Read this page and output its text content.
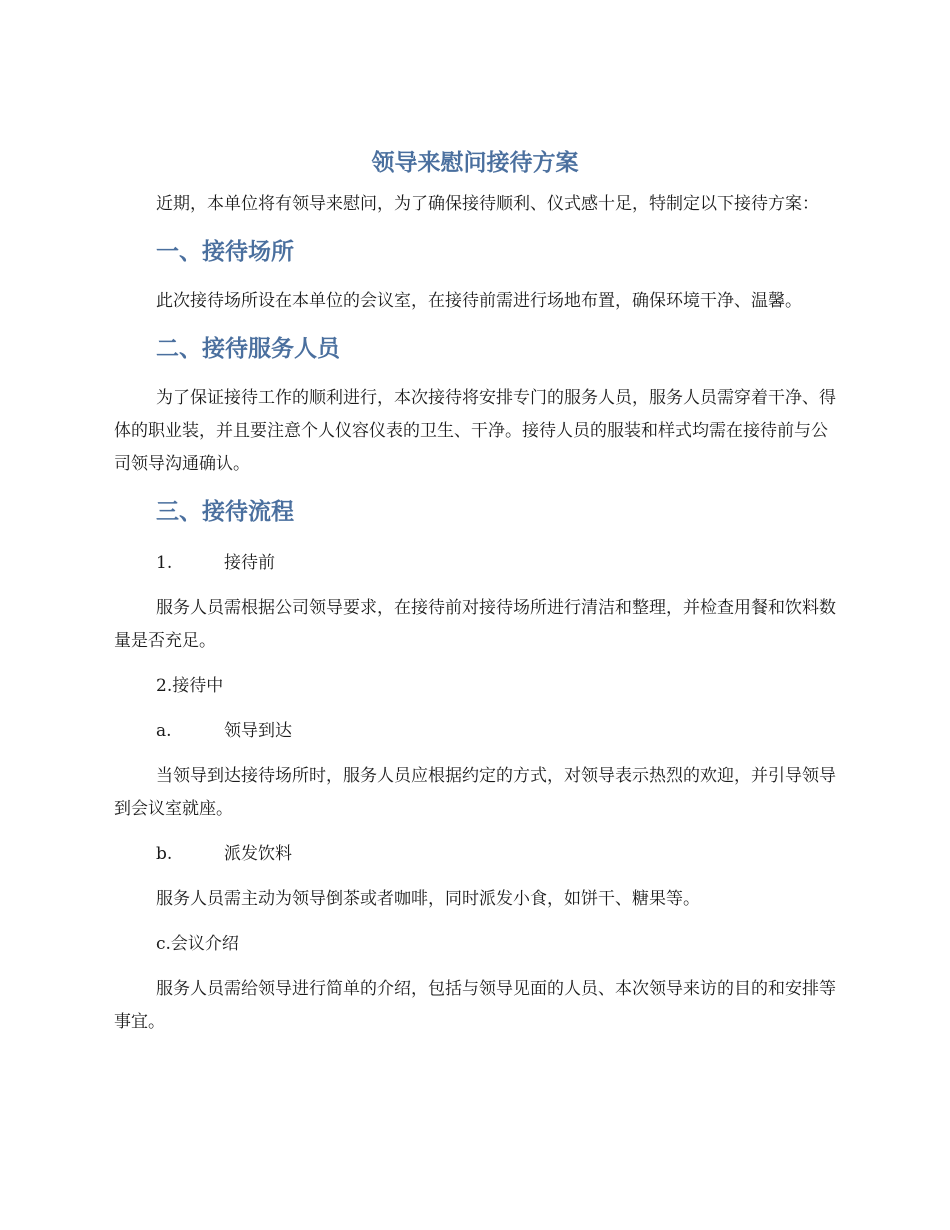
领导来慰问接待方案

近期，本单位将有领导来慰问，为了确保接待顺利、仪式感十足，特制定以下接待方案：

一、接待场所

此次接待场所设在本单位的会议室，在接待前需进行场地布置，确保环境干净、温馨。

二、接待服务人员

为了保证接待工作的顺利进行，本次接待将安排专门的服务人员，服务人员需穿着干净、得体的职业装，并且要注意个人仪容仪表的卫生、干净。接待人员的服装和样式均需在接待前与公司领导沟通确认。

三、接待流程
1.	接待前

服务人员需根据公司领导要求，在接待前对接待场所进行清洁和整理，并检查用餐和饮料数量是否充足。

2.接待中
a.	领导到达

当领导到达接待场所时，服务人员应根据约定的方式，对领导表示热烈的欢迎，并引导领导到会议室就座。

b.	派发饮料

服务人员需主动为领导倒茶或者咖啡，同时派发小食，如饼干、糖果等。

c.会议介绍

服务人员需给领导进行简单的介绍，包括与领导见面的人员、本次领导来访的目的和安排等事宜。
